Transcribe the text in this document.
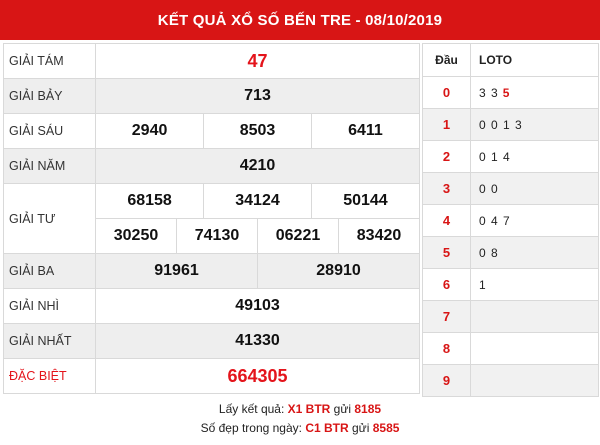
KẾT QUẢ XỔ SỐ BẾN TRE - 08/10/2019
GIẢI TÁM	47
GIẢI BẢY	713
GIẢI SÁU		2940	8503	6411

GIẢI NĂM	4210
GIẢI TƯ	
68158	34124	50144

30250	74130	06221	83420
GIẢI BA	91961	28910
GIẢI NHÌ	49103
GIẢI NHẤT	41330
ĐẶC BIỆT	664305
Đầu	LOTO
0	3 3 5
1	0 0 1 3
2	0 1 4
3	0 0
4	0 4 7
5	0 8
6	1
7	
8	
9	
Lấy kết quả: X1 BTR gửi 8185
Số đẹp trong ngày: C1 BTR gửi 8585
